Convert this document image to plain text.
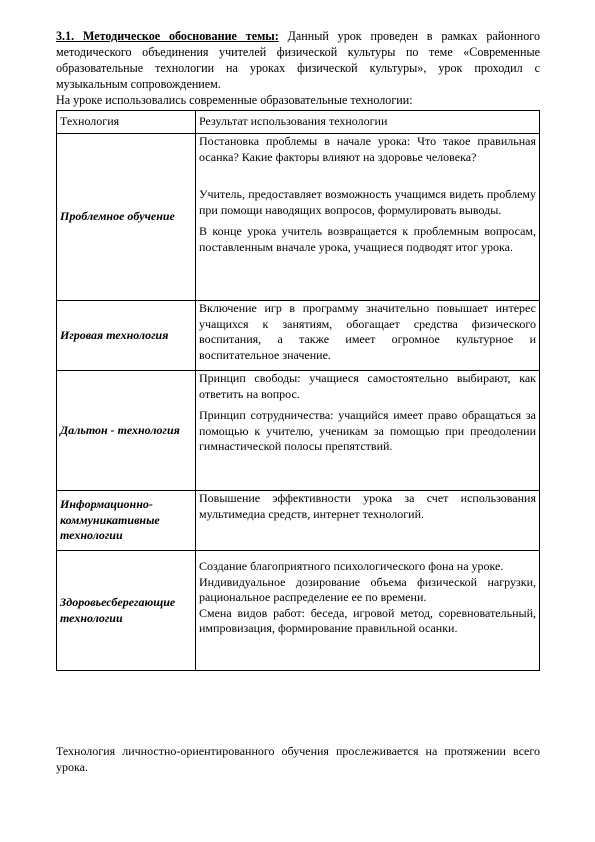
3.1. Методическое обоснование темы: Данный урок проведен в рамках районного методического объединения учителей физической культуры по теме «Современные образовательные технологии на уроках физической культуры», урок проходил с музыкальным сопровождением.
На уроке использовались современные образовательные технологии:
Технология	Результат использования технологии
Проблемное обучение	Постановка проблемы в начале урока: Что такое правильная осанка? Какие факторы влияют на здоровье человека?

Учитель, предоставляет возможность учащимся видеть проблему при помощи наводящих вопросов, формулировать выводы.

В конце урока учитель возвращается к проблемным вопросам, поставленным вначале урока, учащиеся подводят итог урока.

Игровая технология	Включение игр в программу значительно повышает интерес учащихся к занятиям, обогащает средства физического воспитания, а также имеет огромное культурное и воспитательное значение.

Дальтон - технология	Принцип свободы: учащиеся самостоятельно выбирают, как ответить на вопрос.

Принцип сотрудничества: учащийся имеет право обращаться за помощью к учителю, ученикам за помощью при преодолении гимнастической полосы препятствий.

Информационно-коммуникативные технологии	Повышение эффективности урока за счет использования мультимедиа средств, интернет технологий.

Здоровьесберегающие технологии	Создание благоприятного психологического фона на уроке.

Индивидуальное дозирование объема физической нагрузки, рациональное распределение ее по времени.

Смена видов работ: беседа, игровой метод, соревновательный, импровизация, формирование правильной осанки.

Технология личностно-ориентированного обучения прослеживается на протяжении всего урока.
